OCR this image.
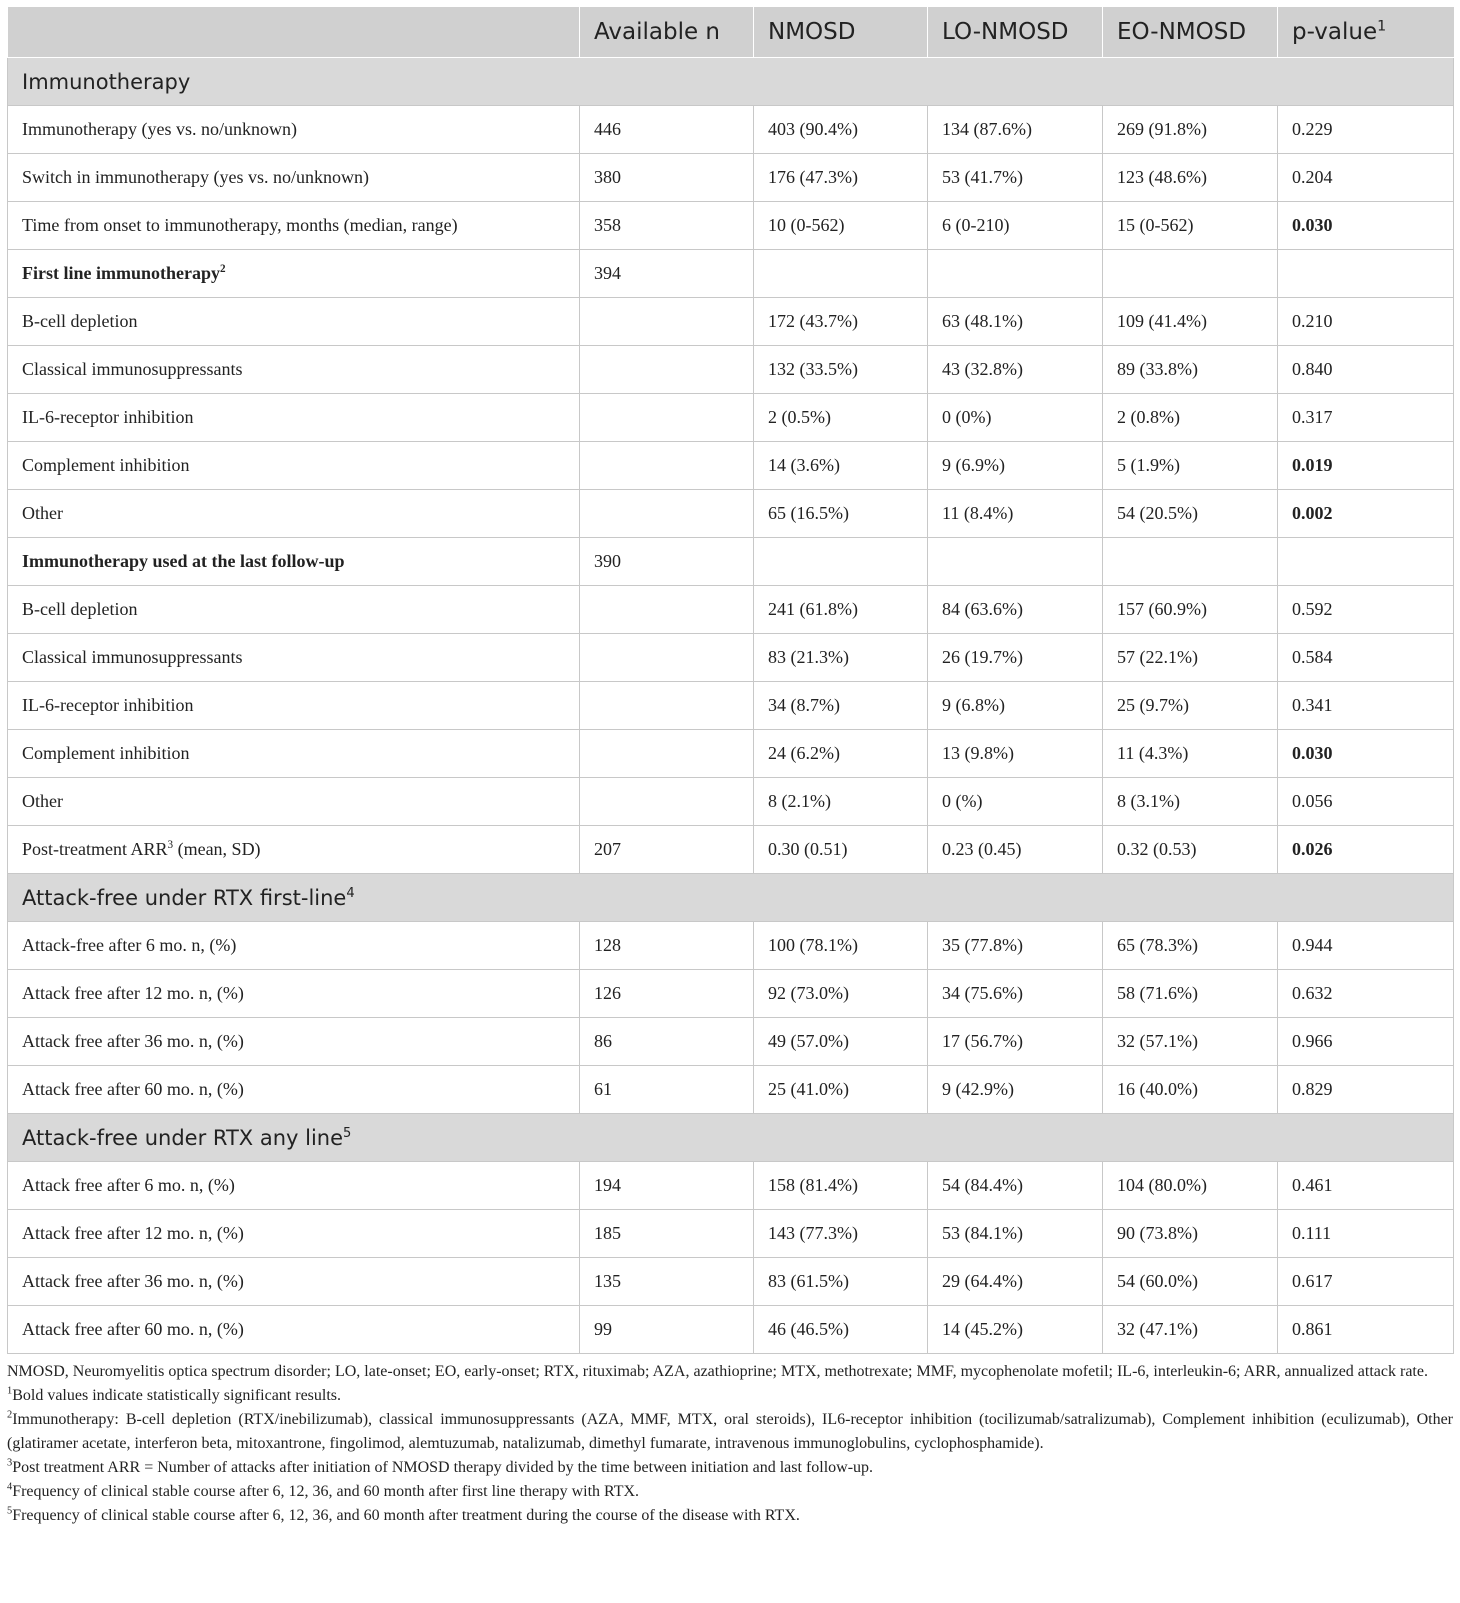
	Available n	NMOSD	LO-NMOSD	EO-NMOSD	p-value$^1$
Immunotherapy					
Immunotherapy (yes vs. no/unknown)	446	403 (90.4%)	134 (87.6%)	269 (91.8%)	0.229
Switch in immunotherapy (yes vs. no/unknown)	380	176 (47.3%)	53 (41.7%)	123 (48.6%)	0.204
Time from onset to immunotherapy, months (median, range)	358	10 (0-562)	6 (0-210)	15 (0-562)	0.030
First line immunotherapy$^2$	394				
B-cell depletion		172 (43.7%)	63 (48.1%)	109 (41.4%)	0.210
Classical immunosuppressants		132 (33.5%)	43 (32.8%)	89 (33.8%)	0.840
IL-6-receptor inhibition		2 (0.5%)	0 (0%)	2 (0.8%)	0.317
Complement inhibition		14 (3.6%)	9 (6.9%)	5 (1.9%)	0.019
Other		65 (16.5%)	11 (8.4%)	54 (20.5%)	0.002
Immunotherapy used at the last follow-up	390				
B-cell depletion		241 (61.8%)	84 (63.6%)	157 (60.9%)	0.592
Classical immunosuppressants		83 (21.3%)	26 (19.7%)	57 (22.1%)	0.584
IL-6-receptor inhibition		34 (8.7%)	9 (6.8%)	25 (9.7%)	0.341
Complement inhibition		24 (6.2%)	13 (9.8%)	11 (4.3%)	0.030
Other		8 (2.1%)	0 (%)	8 (3.1%)	0.056
Post-treatment ARR$^3$ (mean, SD)	207	0.30 (0.51)	0.23 (0.45)	0.32 (0.53)	0.026
Attack-free under RTX first-line$^4$
Attack-free after 6 mo. n, (%)	128	100 (78.1%)	35 (77.8%)	65 (78.3%)	0.944
Attack free after 12 mo. n, (%)	126	92 (73.0%)	34 (75.6%)	58 (71.6%)	0.632
Attack free after 36 mo. n, (%)	86	49 (57.0%)	17 (56.7%)	32 (57.1%)	0.966
Attack free after 60 mo. n, (%)	61	25 (41.0%)	9 (42.9%)	16 (40.0%)	0.829
Attack-free under RTX any line$^5$
Attack free after 6 mo. n, (%)	194	158 (81.4%)	54 (84.4%)	104 (80.0%)	0.461
Attack free after 12 mo. n, (%)	185	143 (77.3%)	53 (84.1%)	90 (73.8%)	0.111
Attack free after 36 mo. n, (%)	135	83 (61.5%)	29 (64.4%)	54 (60.0%)	0.617
Attack free after 60 mo. n, (%)	99	46 (46.5%)	14 (45.2%)	32 (47.1%)	0.861

NMOSD, Neuromyelitis optica spectrum disorder; LO, late-onset; EO, early-onset; RTX, rituximab; AZA, azathioprine; MTX, methotrexate; MMF, mycophenolate mofetil; IL-6, interleukin-6; ARR, annualized attack rate.

$^1$Bold values indicate statistically significant results.

$^2$Immunotherapy: B-cell depletion (RTX/inebilizumab), classical immunosuppressants (AZA, MMF, MTX, oral steroids), IL6-receptor inhibition (tocilizumab/satralizumab), Complement inhibition (eculizumab), Other (glatiramer acetate, interferon beta, mitoxantrone, fingolimod, alemtuzumab, natalizumab, dimethyl fumarate, intravenous immunoglobulins, cyclophosphamide).

$^3$Post treatment ARR = Number of attacks after initiation of NMOSD therapy divided by the time between initiation and last follow-up.

$^4$Frequency of clinical stable course after 6, 12, 36, and 60 month after first line therapy with RTX.

$^5$Frequency of clinical stable course after 6, 12, 36, and 60 month after treatment during the course of the disease with RTX.
